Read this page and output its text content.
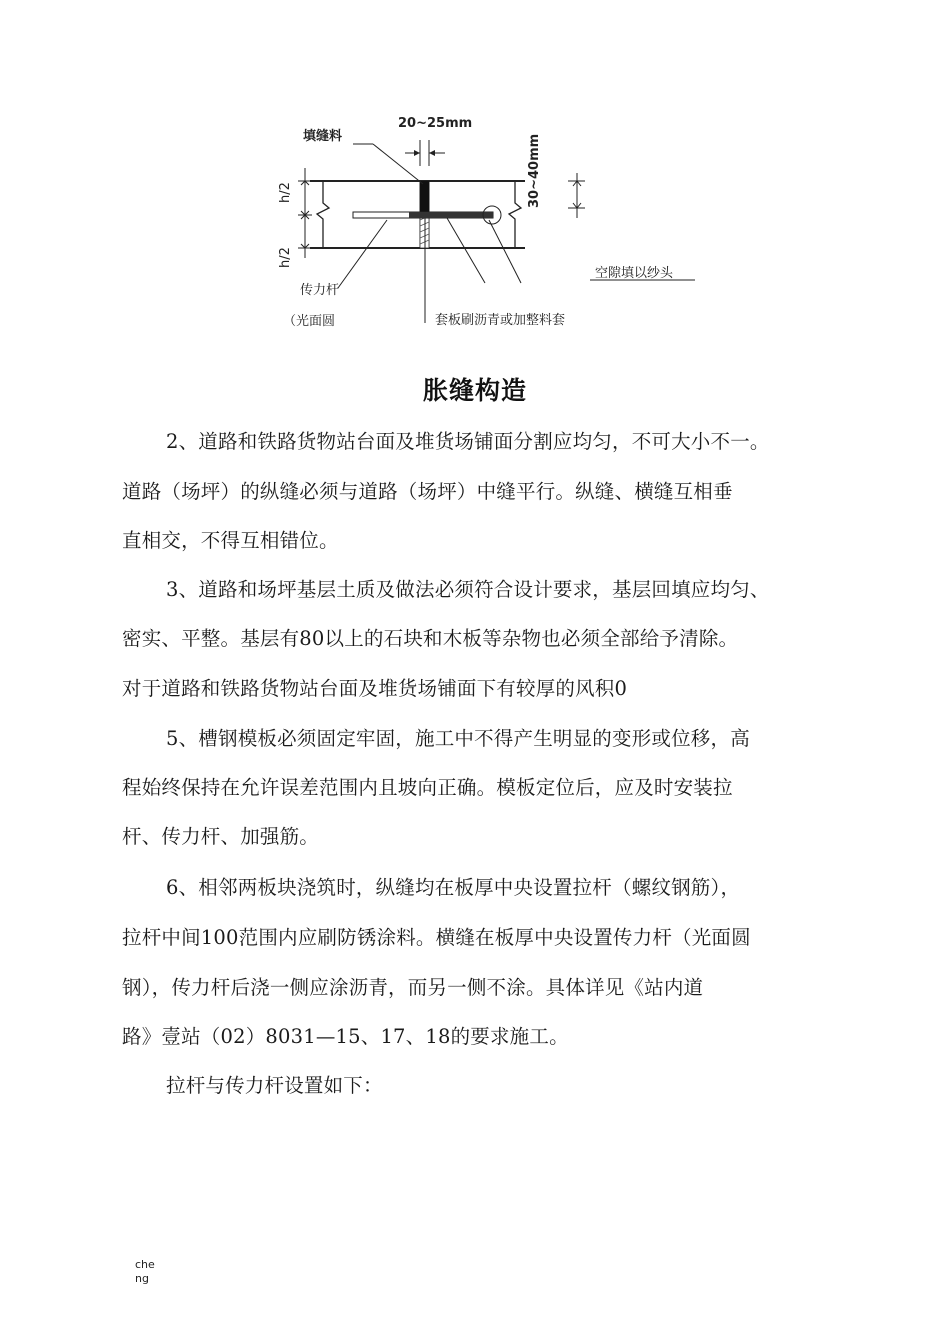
20~25mm
填缝料	30~40mm
h/2
h/2
传力杆
（光面圆	套板刷沥青或加整料套
空隙填以纱头
胀缝构造
2、道路和铁路货物站台面及堆货场铺面分割应均匀，不可大小不一。
道路（场坪）的纵缝必须与道路（场坪）中缝平行。纵缝、横缝互相垂
直相交，不得互相错位。
3、道路和场坪基层土质及做法必须符合设计要求，基层回填应均匀、
密实、平整。基层有80以上的石块和木板等杂物也必须全部给予清除。
对于道路和铁路货物站台面及堆货场铺面下有较厚的风积0
5、槽钢模板必须固定牢固，施工中不得产生明显的变形或位移，高
程始终保持在允许误差范围内且坡向正确。模板定位后，应及时安装拉
杆、传力杆、加强筋。
6、相邻两板块浇筑时，纵缝均在板厚中央设置拉杆（螺纹钢筋），
拉杆中间100范围内应刷防锈涂料。横缝在板厚中央设置传力杆（光面圆
钢），传力杆后浇一侧应涂沥青，而另一侧不涂。具体详见《站内道
路》壹站（02）8031—15、17、18的要求施工。
拉杆与传力杆设置如下：
che
ng
